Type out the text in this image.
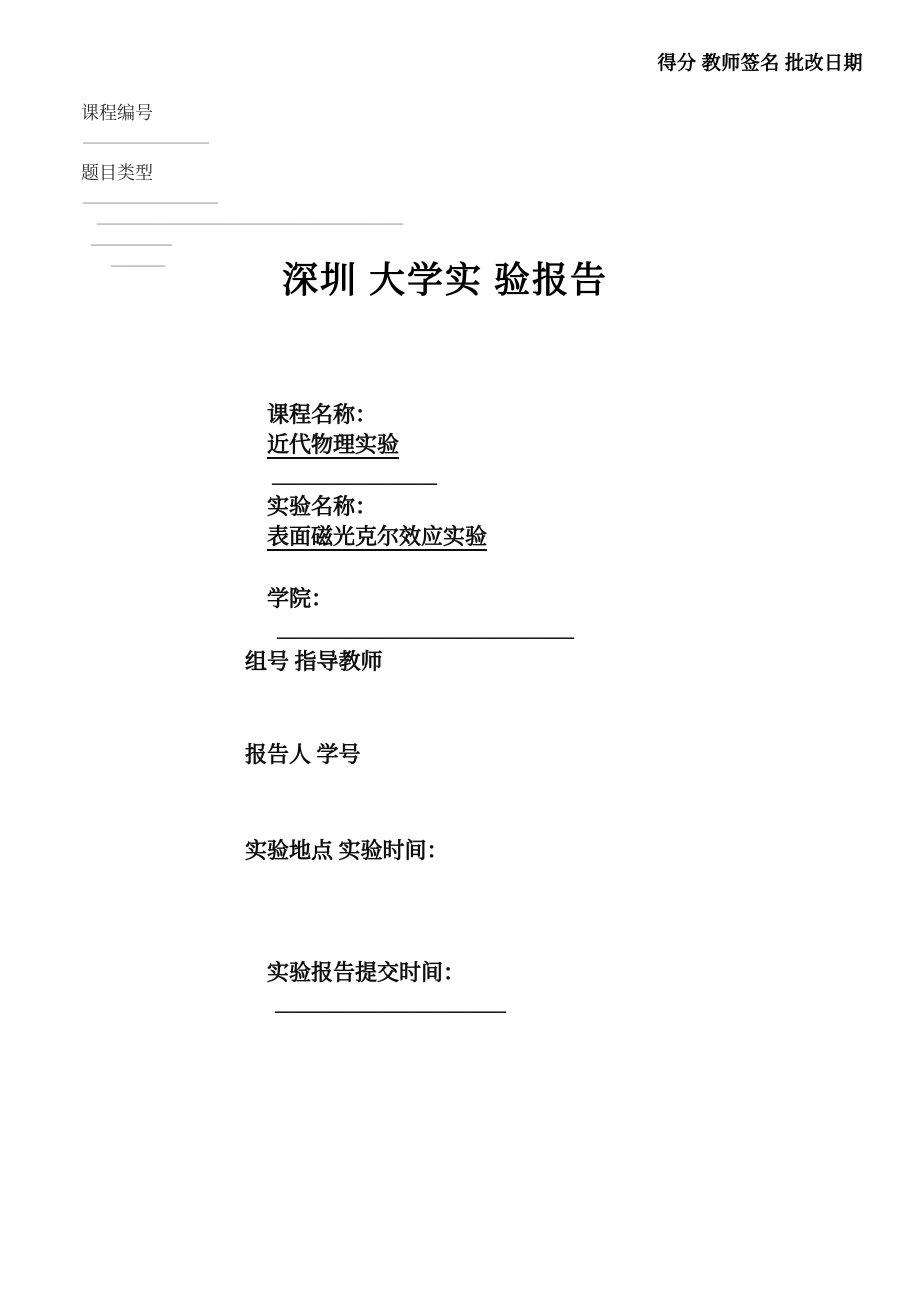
得分 教师签名 批改日期

课程编号
______________

题目类型
_______________
__________________________________
_________
______

深圳 大学实 验报告

课程名称：
近代物理实验
_______________

实验名称：
表面磁光克尔效应实验

学院：
___________________________

组号 指导教师
报告人 学号
实验地点 实验时间：

实验报告提交时间：
_____________________
